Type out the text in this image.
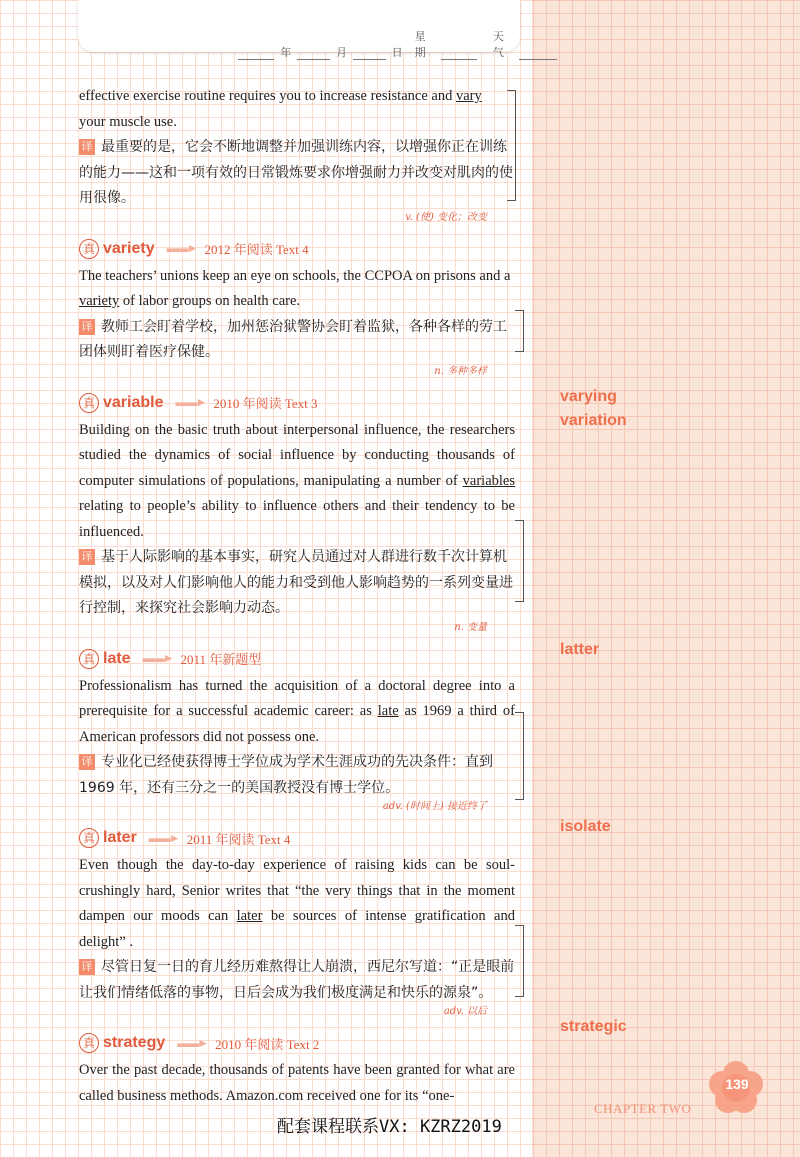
年	月	日
星期
天气

effective exercise routine requires you to increase resistance and vary
your muscle use.

译 最重要的是，它会不断地调整并加强训练内容，以增强你正在训练的能力——这和一项有效的日常锻炼要求你增强耐力并改变对肌肉的使用很像。

v. (使) 变化；改变
真 variety ▬▬► 2012 年阅读 Text 4

The teachers’ unions keep an eye on schools, the CCPOA on prisons and a variety of labor groups on health care.

译 教师工会盯着学校，加州惩治狱警协会盯着监狱，各种各样的劳工团体则盯着医疗保健。

n. 多种多样
真 variable ▬▬► 2010 年阅读 Text 3

Building on the basic truth about interpersonal influence, the researchers studied the dynamics of social influence by conducting thousands of computer simulations of populations, manipulating a number of variables relating to people’s ability to influence others and their tendency to be influenced.

译 基于人际影响的基本事实，研究人员通过对人群进行数千次计算机模拟，以及对人们影响他人的能力和受到他人影响趋势的一系列变量进行控制，来探究社会影响力动态。

n. 变量
真 late ▬▬► 2011 年新题型

Professionalism has turned the acquisition of a doctoral degree into a prerequisite for a successful academic career: as late as 1969 a third of American professors did not possess one.

译 专业化已经使获得博士学位成为学术生涯成功的先决条件：直到 1969 年，还有三分之一的美国教授没有博士学位。

adv. (时间上) 接近终了
真 later ▬▬► 2011 年阅读 Text 4

Even though the day-to-day experience of raising kids can be soul-crushingly hard, Senior writes that “the very things that in the moment dampen our moods can later be sources of intense gratification and delight” .

译 尽管日复一日的育儿经历难熬得让人崩溃，西尼尔写道：“正是眼前让我们情绪低落的事物，日后会成为我们极度满足和快乐的源泉”。

adv. 以后
真 strategy ▬▬► 2010 年阅读 Text 2

Over the past decade, thousands of patents have been granted for what are called business methods. Amazon.com received one for its “one-

varying
variation
latter
isolate
strategic
139
CHAPTER TWO
配套课程联系VX: KZRZ2019
